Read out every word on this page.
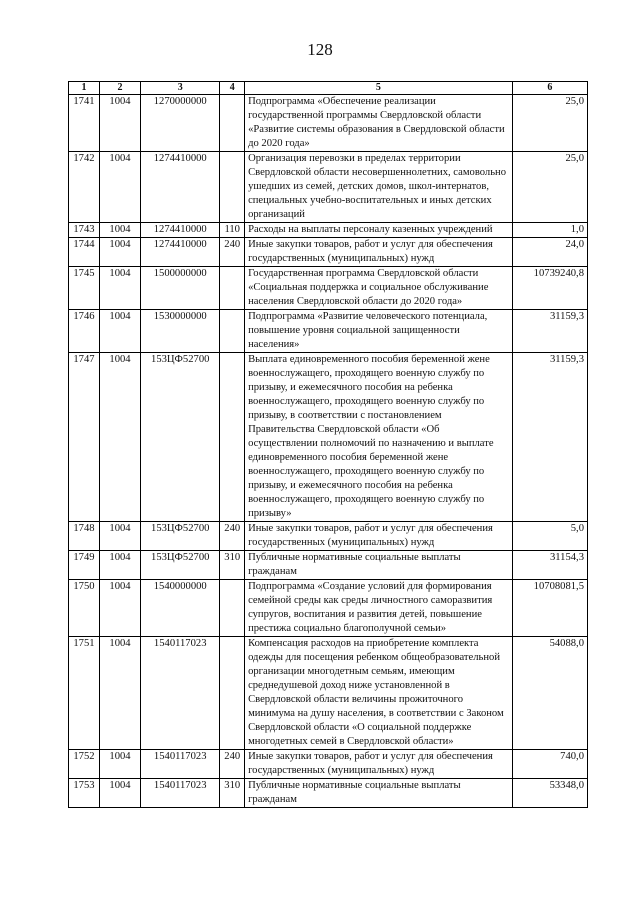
128
1	2	3	4	5	6
1741	1004	1270000000		Подпрограмма «Обеспечение реализации государственной программы Свердловской области «Развитие системы образования в Свердловской области до 2020 года»	25,0
1742	1004	1274410000		Организация перевозки в пределах территории Свердловской области несовершеннолетних, самовольно ушедших из семей, детских домов, школ-интернатов, специальных учебно-воспитательных и иных детских организаций	25,0
1743	1004	1274410000	110	Расходы на выплаты персоналу казенных учреждений	1,0
1744	1004	1274410000	240	Иные закупки товаров, работ и услуг для обеспечения государственных (муниципальных) нужд	24,0
1745	1004	1500000000		Государственная программа Свердловской области «Социальная поддержка и социальное обслуживание населения Свердловской области до 2020 года»	10739240,8
1746	1004	1530000000		Подпрограмма «Развитие человеческого потенциала, повышение уровня социальной защищенности населения»	31159,3
1747	1004	153ЦФ52700		Выплата единовременного пособия беременной жене военнослужащего, проходящего военную службу по призыву, и ежемесячного пособия на ребенка военнослужащего, проходящего военную службу по призыву, в соответствии с постановлением Правительства Свердловской области «Об осуществлении полномочий по назначению и выплате единовременного пособия беременной жене военнослужащего, проходящего военную службу по призыву, и ежемесячного пособия на ребенка военнослужащего, проходящего военную службу по призыву»	31159,3
1748	1004	153ЦФ52700	240	Иные закупки товаров, работ и услуг для обеспечения государственных (муниципальных) нужд	5,0
1749	1004	153ЦФ52700	310	Публичные нормативные социальные выплаты гражданам	31154,3
1750	1004	1540000000		Подпрограмма «Создание условий для формирования семейной среды как среды личностного саморазвития супругов, воспитания и развития детей, повышение престижа социально благополучной семьи»	10708081,5
1751	1004	1540117023		Компенсация расходов на приобретение комплекта одежды для посещения ребенком общеобразовательной организации многодетным семьям, имеющим среднедушевой доход ниже установленной в Свердловской области величины прожиточного минимума на душу населения, в соответствии с Законом Свердловской области «О социальной поддержке многодетных семей в Свердловской области»	54088,0
1752	1004	1540117023	240	Иные закупки товаров, работ и услуг для обеспечения государственных (муниципальных) нужд	740,0
1753	1004	1540117023	310	Публичные нормативные социальные выплаты гражданам	53348,0
